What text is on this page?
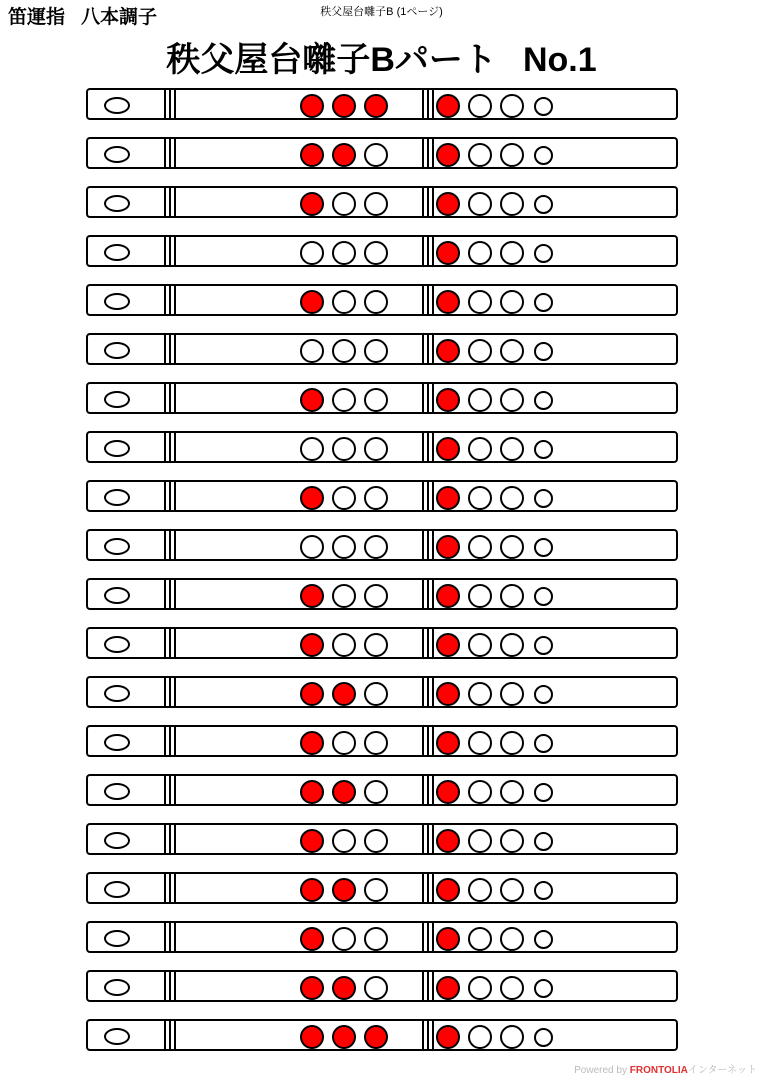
笛運指 八本調子	秩父屋台囃子B (1ページ)
秩父屋台囃子Bパート No.1
Powered by FRONTOLIAインターネット
